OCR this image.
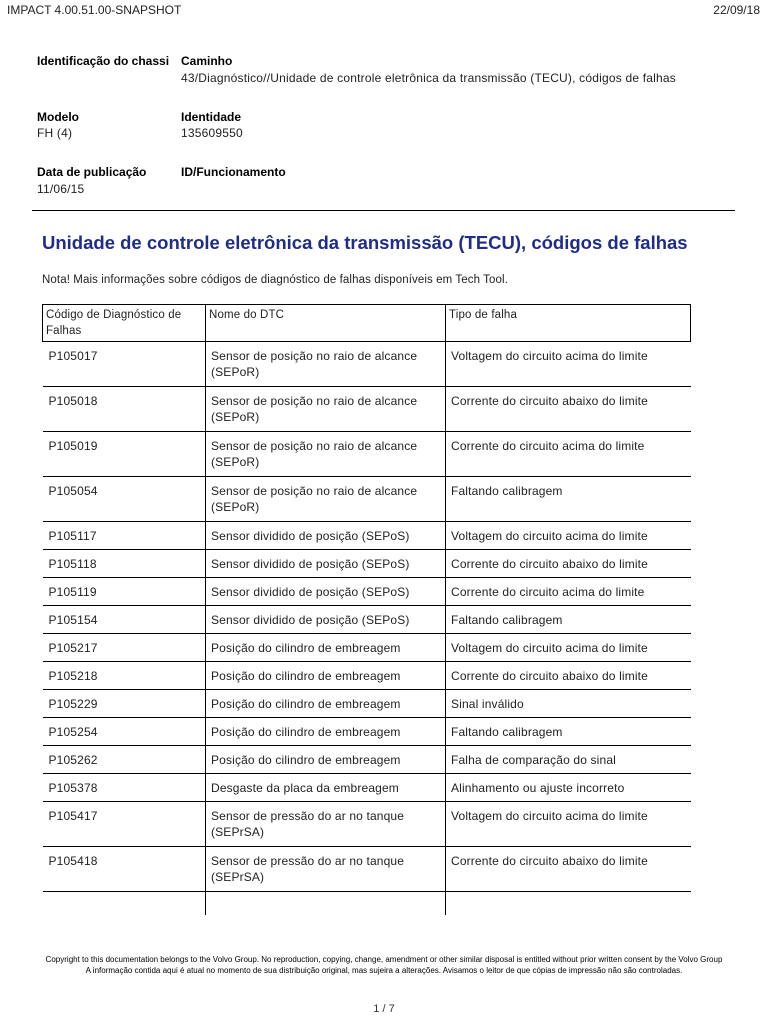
IMPACT 4.00.51.00-SNAPSHOT	22/09/18
Identificação do chassi Caminho
43/Diagnóstico//Unidade de controle eletrônica da transmissão (TECU), códigos de falhas
Modelo	Identidade
FH (4)	135609550
Data de publicação	ID/Funcionamento
11/06/15
Unidade de controle eletrônica da transmissão (TECU), códigos de falhas

Nota! Mais informações sobre códigos de diagnóstico de falhas disponíveis em Tech Tool.

Código de Diagnóstico de Falhas	Nome do DTC	Tipo de falha
P105017	Sensor de posição no raio de alcance (SEPoR)	Voltagem do circuito acima do limite
P105018	Sensor de posição no raio de alcance (SEPoR)	Corrente do circuito abaixo do limite
P105019	Sensor de posição no raio de alcance (SEPoR)	Corrente do circuito acima do limite
P105054	Sensor de posição no raio de alcance (SEPoR)	Faltando calibragem
P105117	Sensor dividido de posição (SEPoS)	Voltagem do circuito acima do limite
P105118	Sensor dividido de posição (SEPoS)	Corrente do circuito abaixo do limite
P105119	Sensor dividido de posição (SEPoS)	Corrente do circuito acima do limite
P105154	Sensor dividido de posição (SEPoS)	Faltando calibragem
P105217	Posição do cilindro de embreagem	Voltagem do circuito acima do limite
P105218	Posição do cilindro de embreagem	Corrente do circuito abaixo do limite
P105229	Posição do cilindro de embreagem	Sinal inválido
P105254	Posição do cilindro de embreagem	Faltando calibragem
P105262	Posição do cilindro de embreagem	Falha de comparação do sinal
P105378	Desgaste da placa da embreagem	Alinhamento ou ajuste incorreto
P105417	Sensor de pressão do ar no tanque (SEPrSA)	Voltagem do circuito acima do limite
P105418	Sensor de pressão do ar no tanque (SEPrSA)	Corrente do circuito abaixo do limite

Copyright to this documentation belongs to the Volvo Group. No reproduction, copying, change, amendment or other similar disposal is entitled without prior written consent by the Volvo Group
A informação contida aqui é atual no momento de sua distribuição original, mas sujeira a alterações. Avisamos o leitor de que cópias de impressão não são controladas.
1 / 7
